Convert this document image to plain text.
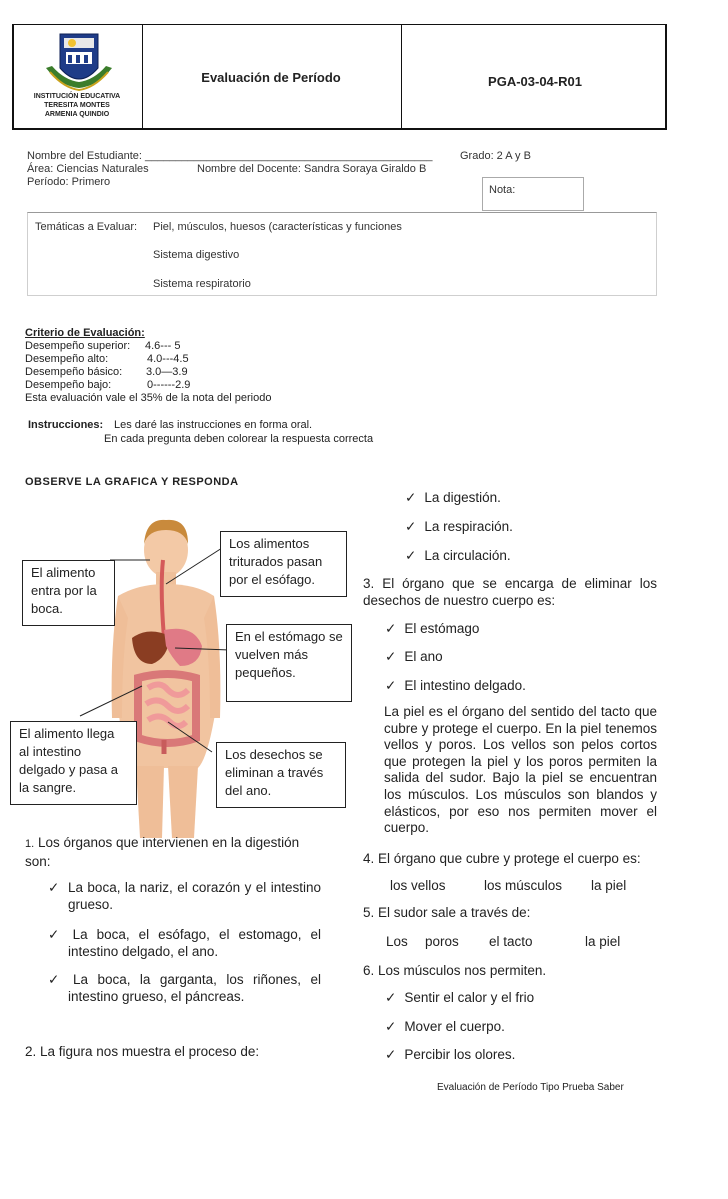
INSTITUCIÓN EDUCATIVA
TERESITA MONTES
ARMENIA QUINDIO
Evaluación de Período	PGA-03-04-R01
Nombre del Estudiante: _______________________________________________ Grado: 2 A y B
Área: Ciencias Naturales	Nombre del Docente: Sandra Soraya Giraldo B
Período: Primero
Nota:
Temáticas a Evaluar: Piel, músculos, huesos (características y funciones
Sistema digestivo
Sistema respiratorio
Criterio de Evaluación:
Desempeño superior: 4.6--- 5
Desempeño alto:	4.0---4.5
Desempeño básico: 3.0—3.9
Desempeño bajo:	0------2.9
Esta evaluación vale el 35% de la nota del periodo
Instrucciones: Les daré las instrucciones en forma oral.
En cada pregunta deben colorear la respuesta correcta
OBSERVE LA GRAFICA Y RESPONDA
El alimento entra por la boca.
Los alimentos triturados pasan por el esófago.
En el estómago se vuelven más pequeños.
El alimento llega al intestino delgado y pasa a la sangre.
Los desechos se eliminan a través del ano.
1. Los órganos que intervienen en la digestión son:
✓ La boca, la nariz, el corazón y el intestino grueso.
✓ La boca, el esófago, el estomago, el intestino delgado, el ano.
✓ La boca, la garganta, los riñones, el intestino grueso, el páncreas.
2. La figura nos muestra el proceso de:
✓ La digestión.
✓ La respiración.
✓ La circulación.
3. El órgano que se encarga de eliminar los desechos de nuestro cuerpo es:
✓ El estómago
✓ El ano
✓ El intestino delgado.
La piel es el órgano del sentido del tacto que cubre y protege el cuerpo. En la piel tenemos vellos y poros. Los vellos son pelos cortos que protegen la piel y los poros permiten la salida del sudor. Bajo la piel se encuentran los músculos. Los músculos son blandos y elásticos, por eso nos permiten mover el cuerpo.
4. El órgano que cubre y protege el cuerpo es:
los vellos	los músculos la piel
5. El sudor sale a través de:
Los poros el tacto	la piel
6. Los músculos nos permiten.
✓ Sentir el calor y el frio
✓ Mover el cuerpo.
✓ Percibir los olores.
Evaluación de Período Tipo Prueba Saber
